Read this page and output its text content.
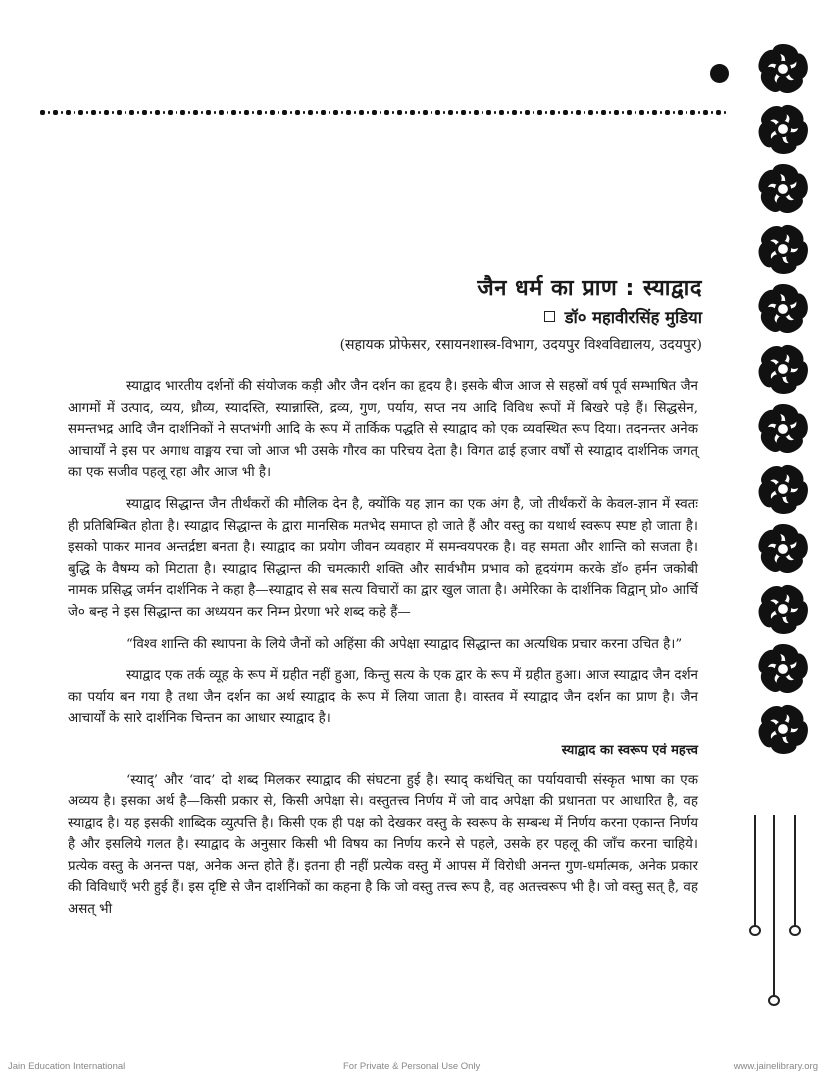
जैन धर्म का प्राण : स्याद्वाद
डॉ० महावीरसिंह मुडिया
(सहायक प्रोफेसर, रसायनशास्त्र-विभाग, उदयपुर विश्वविद्यालय, उदयपुर)

स्याद्वाद भारतीय दर्शनों की संयोजक कड़ी और जैन दर्शन का हृदय है। इसके बीज आज से सहस्रों वर्ष पूर्व सम्भाषित जैन आगमों में उत्पाद, व्यय, ध्रौव्य, स्यादस्ति, स्यान्नास्ति, द्रव्य, गुण, पर्याय, सप्त नय आदि विविध रूपों में बिखरे पड़े हैं। सिद्धसेन, समन्तभद्र आदि जैन दार्शनिकों ने सप्तभंगी आदि के रूप में तार्किक पद्धति से स्याद्वाद को एक व्यवस्थित रूप दिया। तदनन्तर अनेक आचार्यों ने इस पर अगाध वाङ्मय रचा जो आज भी उसके गौरव का परिचय देता है। विगत ढाई हजार वर्षों से स्याद्वाद दार्शनिक जगत् का एक सजीव पहलू रहा और आज भी है।

स्याद्वाद सिद्धान्त जैन तीर्थंकरों की मौलिक देन है, क्योंकि यह ज्ञान का एक अंग है, जो तीर्थंकरों के केवल-ज्ञान में स्वतः ही प्रतिबिम्बित होता है। स्याद्वाद सिद्धान्त के द्वारा मानसिक मतभेद समाप्त हो जाते हैं और वस्तु का यथार्थ स्वरूप स्पष्ट हो जाता है। इसको पाकर मानव अन्तर्द्रष्टा बनता है। स्याद्वाद का प्रयोग जीवन व्यवहार में समन्वयपरक है। वह समता और शान्ति को सजता है। बुद्धि के वैषम्य को मिटाता है। स्याद्वाद सिद्धान्त की चमत्कारी शक्ति और सार्वभौम प्रभाव को हृदयंगम करके डॉ० हर्मन जकोबी नामक प्रसिद्ध जर्मन दार्शनिक ने कहा है—स्याद्वाद से सब सत्य विचारों का द्वार खुल जाता है। अमेरिका के दार्शनिक विद्वान् प्रो० आर्चि जे० बन्ह ने इस सिद्धान्त का अध्ययन कर निम्न प्रेरणा भरे शब्द कहे हैं—

“विश्व शान्ति की स्थापना के लिये जैनों को अहिंसा की अपेक्षा स्याद्वाद सिद्धान्त का अत्यधिक प्रचार करना उचित है।”

स्याद्वाद एक तर्क व्यूह के रूप में ग्रहीत नहीं हुआ, किन्तु सत्य के एक द्वार के रूप में ग्रहीत हुआ। आज स्याद्वाद जैन दर्शन का पर्याय बन गया है तथा जैन दर्शन का अर्थ स्याद्वाद के रूप में लिया जाता है। वास्तव में स्याद्वाद जैन दर्शन का प्राण है। जैन आचार्यों के सारे दार्शनिक चिन्तन का आधार स्याद्वाद है।

स्याद्वाद का स्वरूप एवं महत्त्व

‘स्याद्’ और ‘वाद’ दो शब्द मिलकर स्याद्वाद की संघटना हुई है। स्याद् कथंचित् का पर्यायवाची संस्कृत भाषा का एक अव्यय है। इसका अर्थ है—किसी प्रकार से, किसी अपेक्षा से। वस्तुतत्त्व निर्णय में जो वाद अपेक्षा की प्रधानता पर आधारित है, वह स्याद्वाद है। यह इसकी शाब्दिक व्युत्पत्ति है। किसी एक ही पक्ष को देखकर वस्तु के स्वरूप के सम्बन्ध में निर्णय करना एकान्त निर्णय है और इसलिये गलत है। स्याद्वाद के अनुसार किसी भी विषय का निर्णय करने से पहले, उसके हर पहलू की जाँच करना चाहिये। प्रत्येक वस्तु के अनन्त पक्ष, अनेक अन्त होते हैं। इतना ही नहीं प्रत्येक वस्तु में आपस में विरोधी अनन्त गुण-धर्मात्मक, अनेक प्रकार की विविधाएँ भरी हुई हैं। इस दृष्टि से जैन दार्शनिकों का कहना है कि जो वस्तु तत्त्व रूप है, वह अतत्त्वरूप भी है। जो वस्तु सत् है, वह असत् भी

Jain Education International	For Private & Personal Use Only	www.jainelibrary.org
